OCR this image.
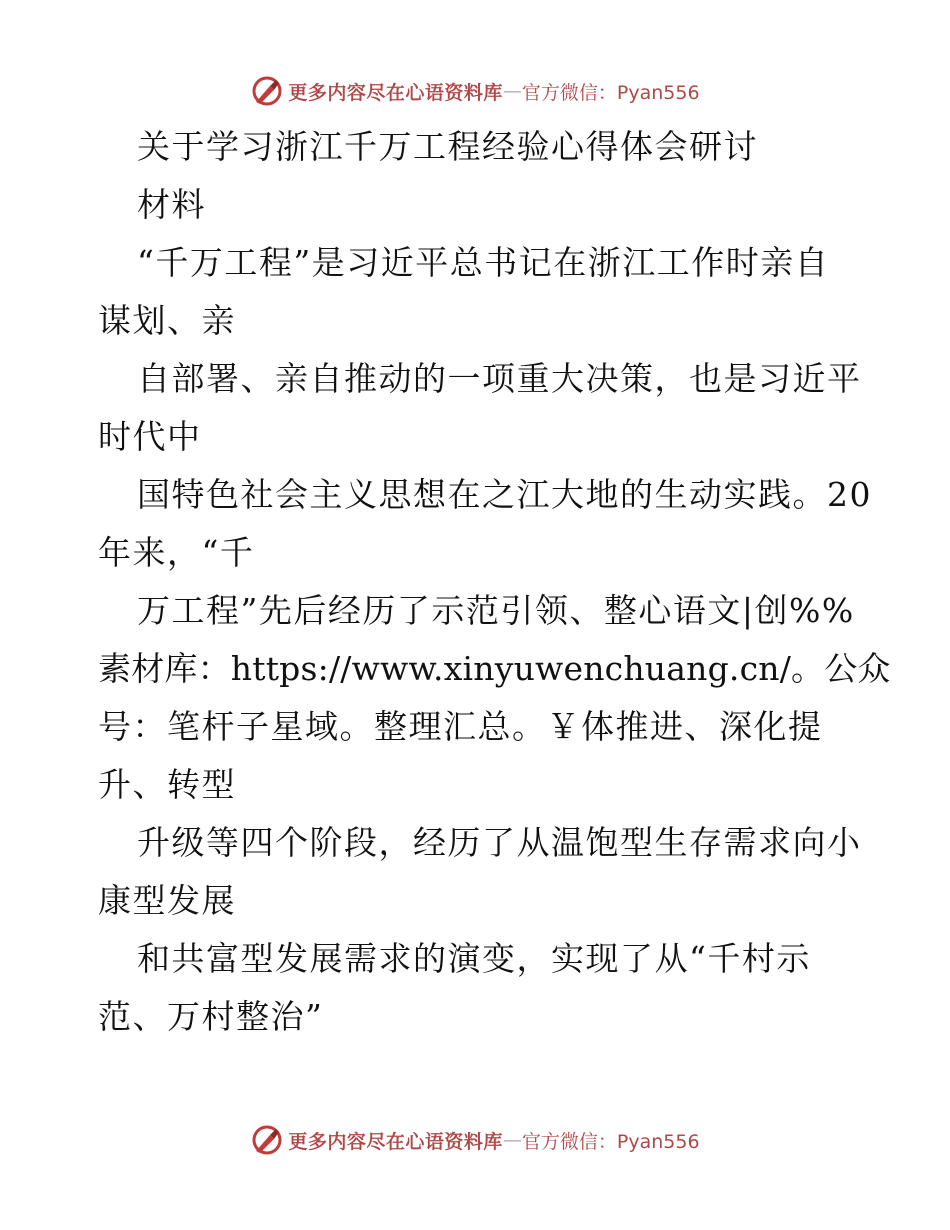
更多内容尽在心语资料库 — 官方微信：Pyan556
关于学习浙江千万工程经验心得体会研讨
材料
“千万工程”是习近平总书记在浙江工作时亲自
谋划、亲
自部署、亲自推动的一项重大决策，也是习近平
时代中
国特色社会主义思想在之江大地的生动实践。20
年来，“千
万工程”先后经历了示范引领、整心语文|创%%
素材库：https://www.xinyuwenchuang.cn/。公众
号：笔杆子星域。整理汇总。￥体推进、深化提
升、转型
升级等四个阶段，经历了从温饱型生存需求向小
康型发展
和共富型发展需求的演变，实现了从“千村示
范、万村整治”
更多内容尽在心语资料库 — 官方微信：Pyan556
